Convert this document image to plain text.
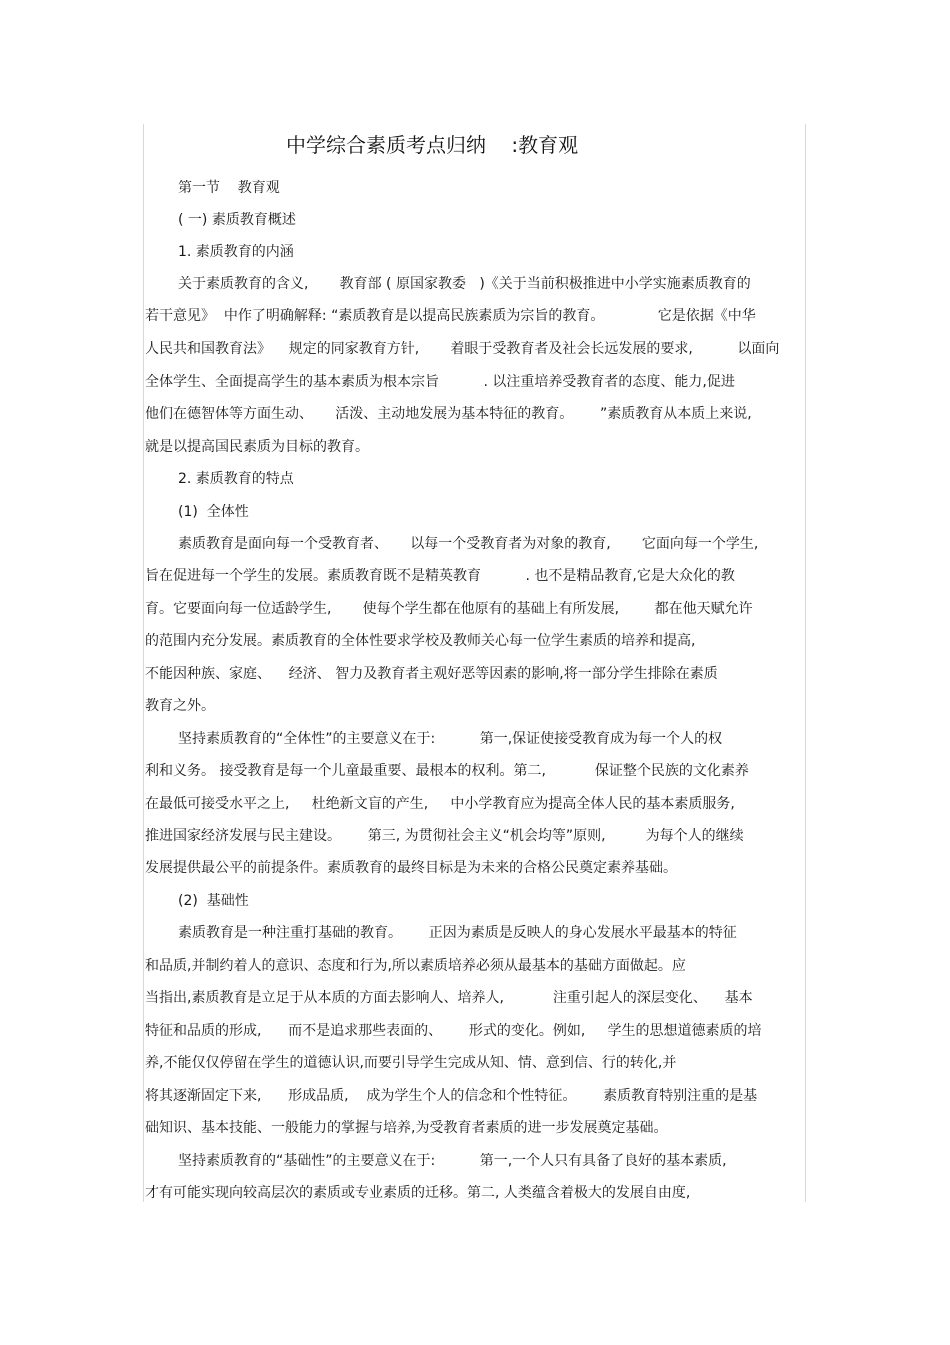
中学综合素质考点归纳    :教育观
第一节    教育观
( 一) 素质教育概述
1. 素质教育的内涵
关于素质教育的含义,       教育部 ( 原国家教委   )《关于当前积极推进中小学实施素质教育的
若干意见》  中作了明确解释: “素质教育是以提高民族素质为宗旨的教育。            它是依据《中华
人民共和国教育法》    规定的同家教育方针,       着眼于受教育者及社会长远发展的要求,          以面向
全体学生、全面提高学生的基本素质为根本宗旨          . 以注重培养受教育者的态度、能力,促进
他们在德智体等方面生动、     活泼、主动地发展为基本特征的教育。      ”素质教育从本质上来说,
就是以提高国民素质为目标的教育。
2. 素质教育的特点
(1)  全体性
素质教育是面向每一个受教育者、     以每一个受教育者为对象的教育,       它面向每一个学生,
旨在促进每一个学生的发展。素质教育既不是精英教育          . 也不是精品教育,它是大众化的教
育。它要面向每一位适龄学生,       使每个学生都在他原有的基础上有所发展,        都在他天赋允许
的范围内充分发展。素质教育的全体性要求学校及教师关心每一位学生素质的培养和提高,
不能因种族、家庭、    经济、 智力及教育者主观好恶等因素的影响,将一部分学生排除在素质
教育之外。
坚持素质教育的“全体性”的主要意义在于:          第一,保证使接受教育成为每一个人的权
利和义务。 接受教育是每一个儿童最重要、最根本的权利。第二,           保证整个民族的文化素养
在最低可接受水平之上,     杜绝新文盲的产生,     中小学教育应为提高全体人民的基本素质服务,
推进国家经济发展与民主建设。      第三, 为贯彻社会主义“机会均等”原则,         为每个人的继续
发展提供最公平的前提条件。素质教育的最终目标是为未来的合格公民奠定素养基础。
(2)  基础性
素质教育是一种注重打基础的教育。      正因为素质是反映人的身心发展水平最基本的特征
和品质,并制约着人的意识、态度和行为,所以素质培养必须从最基本的基础方面做起。应
当指出,素质教育是立足于从本质的方面去影响人、培养人,           注重引起人的深层变化、    基本
特征和品质的形成,      而不是追求那些表面的、      形式的变化。例如,     学生的思想道德素质的培
养,不能仅仅停留在学生的道德认识,而要引导学生完成从知、情、意到信、行的转化,并
将其逐渐固定下来,      形成品质,    成为学生个人的信念和个性特征。      素质教育特别注重的是基
础知识、基本技能、一般能力的掌握与培养,为受教育者素质的进一步发展奠定基础。
坚持素质教育的“基础性”的主要意义在于:          第一,一个人只有具备了良好的基本素质,
才有可能实现向较高层次的素质或专业素质的迁移。第二, 人类蕴含着极大的发展自由度,
